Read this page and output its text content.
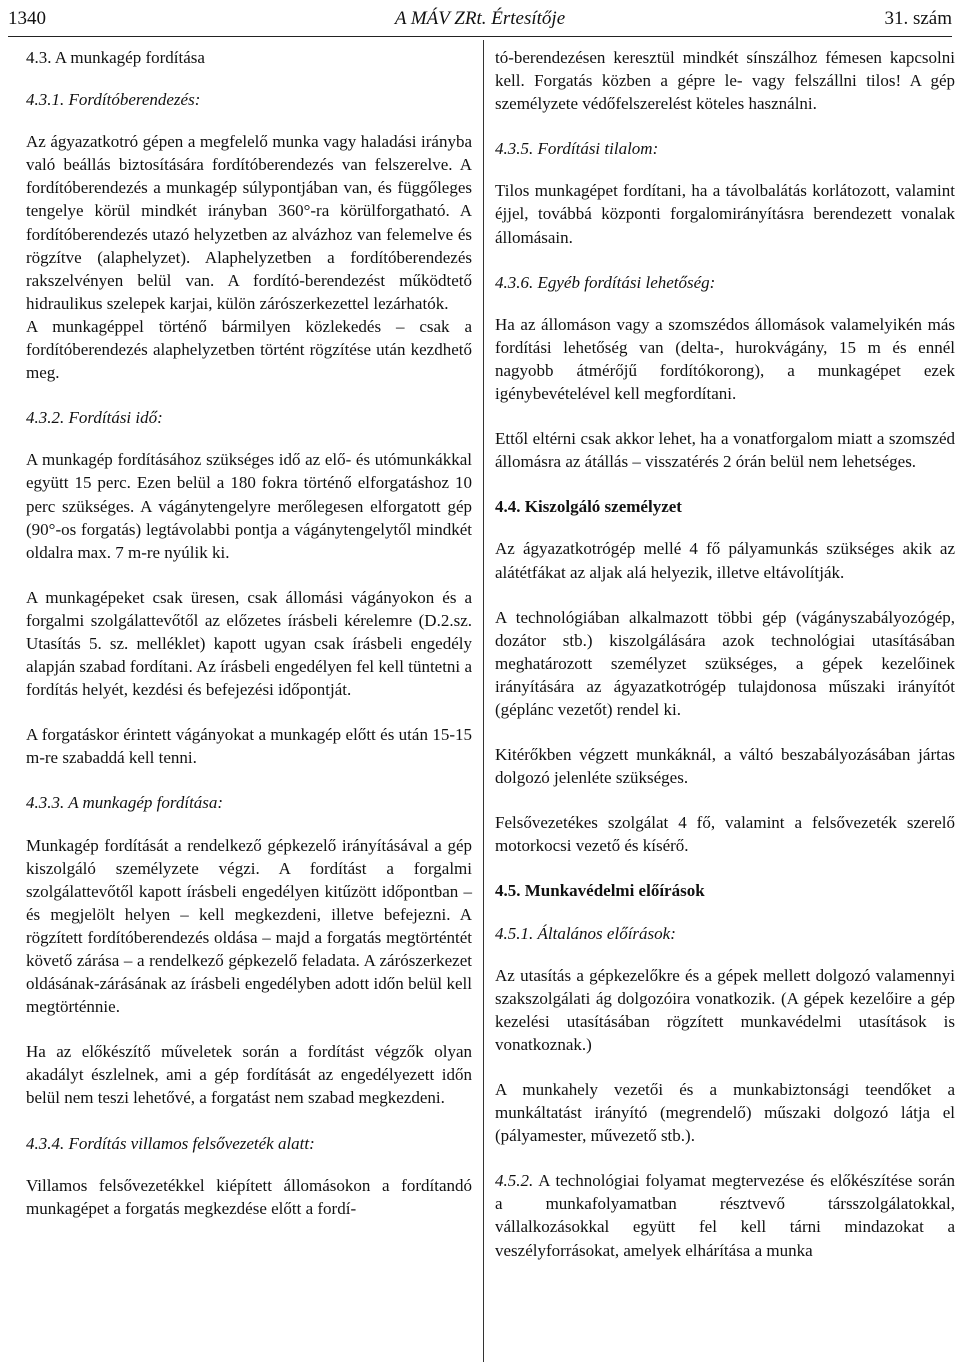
1340	A MÁV ZRt. Értesítője	31. szám

4.3. A munkagép fordítása

4.3.1. Fordítóberendezés:

Az ágyazatkotró gépen a megfelelő munka vagy haladási irányba való beállás biztosítására fordítóberendezés van felszerelve. A fordítóberendezés a munkagép súlypontjában van, és függőleges tengelye körül mindkét irányban 360°-ra körülforgatható. A fordítóberendezés utazó helyzetben az alvázhoz van felemelve és rögzítve (alaphelyzet). Alaphelyzetben a fordítóberendezés rakszelvényen belül van. A fordító-berendezést működtető hidraulikus szelepek karjai, külön zárószerkezettel lezárhatók.

A munkagéppel történő bármilyen közlekedés – csak a fordítóberendezés alaphelyzetben történt rögzítése után kezdhető meg.

4.3.2. Fordítási idő:

A munkagép fordításához szükséges idő az elő- és utómunkákkal együtt 15 perc. Ezen belül a 180 fokra történő elforgatáshoz 10 perc szükséges. A vágánytengelyre merőlegesen elforgatott gép (90°-os forgatás) legtávolabbi pontja a vágánytengelytől mindkét oldalra max. 7 m-re nyúlik ki.

A munkagépeket csak üresen, csak állomási vágányokon és a forgalmi szolgálattevőtől az előzetes írásbeli kérelemre (D.2.sz. Utasítás 5. sz. melléklet) kapott ugyan csak írásbeli engedély alapján szabad fordítani. Az írásbeli engedélyen fel kell tüntetni a fordítás helyét, kezdési és befejezési időpontját.

A forgatáskor érintett vágányokat a munkagép előtt és után 15-15 m-re szabaddá kell tenni.

4.3.3. A munkagép fordítása:

Munkagép fordítását a rendelkező gépkezelő irányításával a gép kiszolgáló személyzete végzi. A fordítást a forgalmi szolgálattevőtől kapott írásbeli engedélyen kitűzött időpontban – és megjelölt helyen – kell megkezdeni, illetve befejezni. A rögzített fordítóberendezés oldása – majd a forgatás megtörténtét követő zárása – a rendelkező gépkezelő feladata. A zárószerkezet oldásának-zárásának az írásbeli engedélyben adott időn belül kell megtörténnie.

Ha az előkészítő műveletek során a fordítást végzők olyan akadályt észlelnek, ami a gép fordítását az engedélyezett időn belül nem teszi lehetővé, a forgatást nem szabad megkezdeni.

4.3.4. Fordítás villamos felsővezeték alatt:

Villamos felsővezetékkel kiépített állomásokon a fordítandó munkagépet a forgatás megkezdése előtt a fordí-

tó-berendezésen keresztül mindkét sínszálhoz fémesen kapcsolni kell. Forgatás közben a gépre le- vagy felszállni tilos! A gép személyzete védőfelszerelést köteles használni.

4.3.5. Fordítási tilalom:

Tilos munkagépet fordítani, ha a távolbalátás korlátozott, valamint éjjel, továbbá központi forgalomirányításra berendezett vonalak állomásain.

4.3.6. Egyéb fordítási lehetőség:

Ha az állomáson vagy a szomszédos állomások valamelyikén más fordítási lehetőség van (delta-, hurokvágány, 15 m és ennél nagyobb átmérőjű fordítókorong), a munkagépet ezek igénybevételével kell megfordítani.

Ettől eltérni csak akkor lehet, ha a vonatforgalom miatt a szomszéd állomásra az átállás – visszatérés 2 órán belül nem lehetséges.

4.4. Kiszolgáló személyzet

Az ágyazatkotrógép mellé 4 fő pályamunkás szükséges akik az alátétfákat az aljak alá helyezik, illetve eltávolítják.

A technológiában alkalmazott többi gép (vágányszabályozógép, dozátor stb.) kiszolgálására azok technológiai utasításában meghatározott személyzet szükséges, a gépek kezelőinek irányítására az ágyazatkotrógép tulajdonosa műszaki irányítót (géplánc vezetőt) rendel ki.

Kitérőkben végzett munkáknál, a váltó beszabályozásában jártas dolgozó jelenléte szükséges.

Felsővezetékes szolgálat 4 fő, valamint a felsővezeték szerelő motorkocsi vezető és kísérő.

4.5. Munkavédelmi előírások

4.5.1. Általános előírások:

Az utasítás a gépkezelőkre és a gépek mellett dolgozó valamennyi szakszolgálati ág dolgozóira vonatkozik. (A gépek kezelőire a gép kezelési utasításában rögzített munkavédelmi utasítások is vonatkoznak.)

A munkahely vezetői és a munkabiztonsági teendőket a munkáltatást irányító (megrendelő) műszaki dolgozó látja el (pályamester, művezető stb.).

4.5.2. A technológiai folyamat megtervezése és előkészítése során a munkafolyamatban résztvevő társszolgálatokkal, vállalkozásokkal együtt fel kell tárni mindazokat a veszélyforrásokat, amelyek elhárítása a munka
